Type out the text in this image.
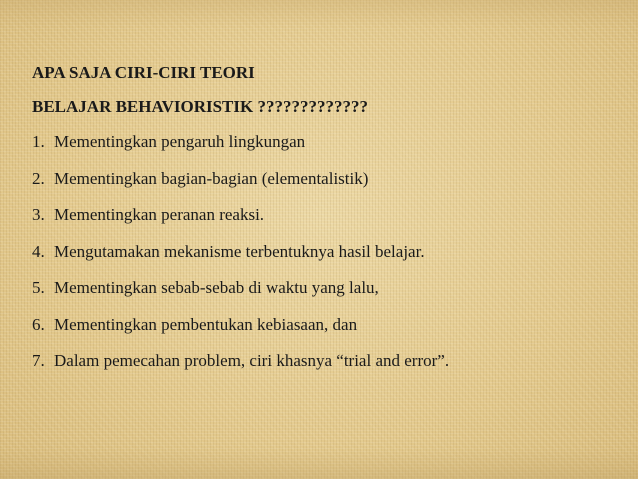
APA SAJA CIRI-CIRI TEORI

BELAJAR BEHAVIORISTIK ?????????????

1. Mementingkan pengaruh lingkungan
2. Mementingkan bagian-bagian (elementalistik)
3. Mementingkan peranan reaksi.
4. Mengutamakan mekanisme terbentuknya hasil belajar.
5. Mementingkan sebab-sebab di waktu yang lalu,
6. Mementingkan pembentukan kebiasaan, dan
7. Dalam pemecahan problem, ciri khasnya “trial and error”.
